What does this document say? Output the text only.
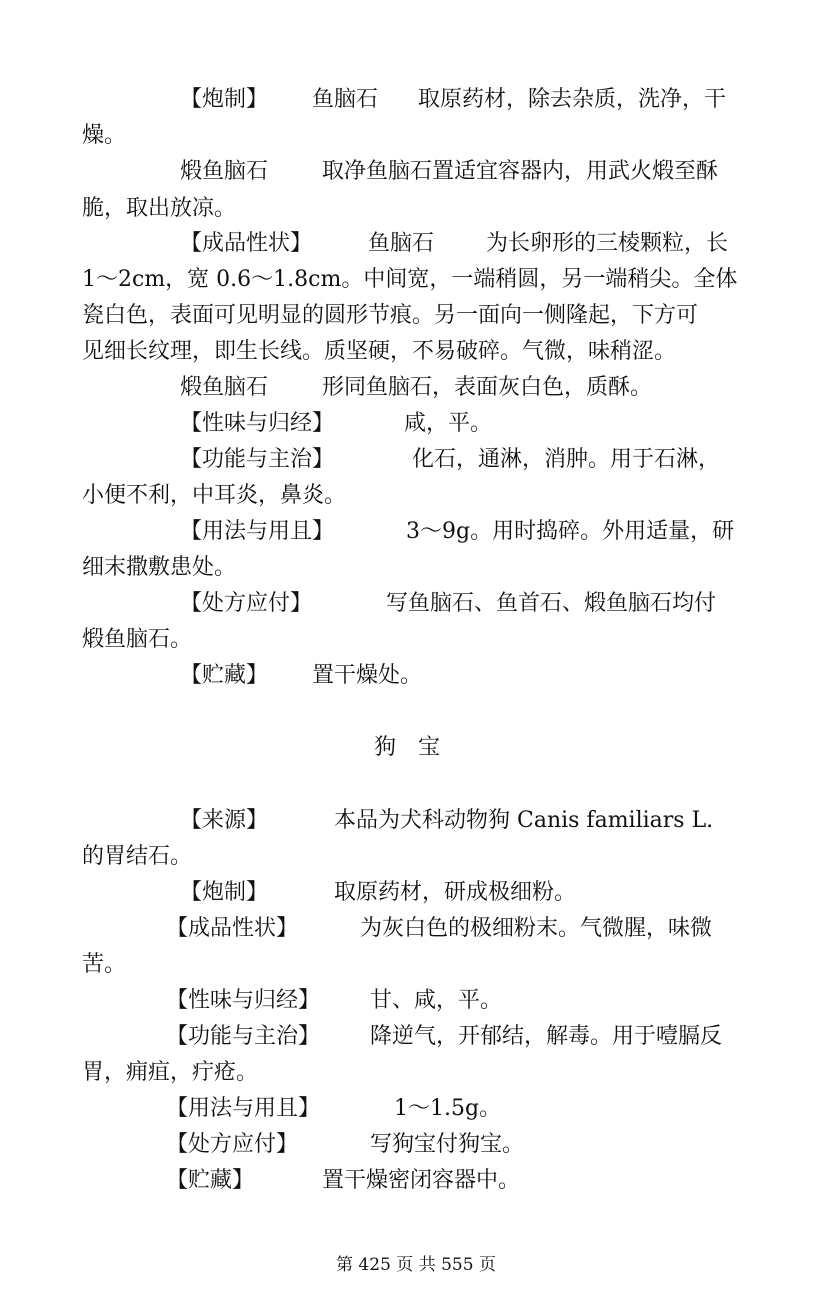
【炮制】 鱼脑石 取原药材，除去杂质，洗净，干
燥。
煅鱼脑石 取净鱼脑石置适宜容器内，用武火煅至酥
脆，取出放凉。
【成品性状】	鱼脑石 为长卵形的三棱颗粒，长
1～2cm，宽 0.6～1.8cm。中间宽，一端稍圆，另一端稍尖。全体
瓷白色，表面可见明显的圆形节痕。另一面向一侧隆起，下方可
见细长纹理，即生长线。质坚硬，不易破碎。气微，味稍涩。
煅鱼脑石 形同鱼脑石，表面灰白色，质酥。
【性味与归经】	咸，平。
【功能与主治】	化石，通淋，消肿。用于石淋，
小便不利，中耳炎，鼻炎。
【用法与用且】	3～9g。用时捣碎。外用适量，研
细末撒敷患处。
【处方应付】	写鱼脑石、鱼首石、煅鱼脑石均付
煅鱼脑石。
【贮藏】 置干燥处。
狗　宝
【来源】	本品为犬科动物狗 Canis familiars L.
的胃结石。
【炮制】	取原药材，研成极细粉。
【成品性状】	为灰白色的极细粉末。气微腥，味微
苦。
【性味与归经】 甘、咸，平。
【功能与主治】 降逆气，开郁结，解毒。用于噎膈反
胃，痈疽，疔疮。
【用法与用且】	1～1.5g。
【处方应付】	写狗宝付狗宝。
【贮藏】	置干燥密闭容器中。
第 425 页 共 555 页
